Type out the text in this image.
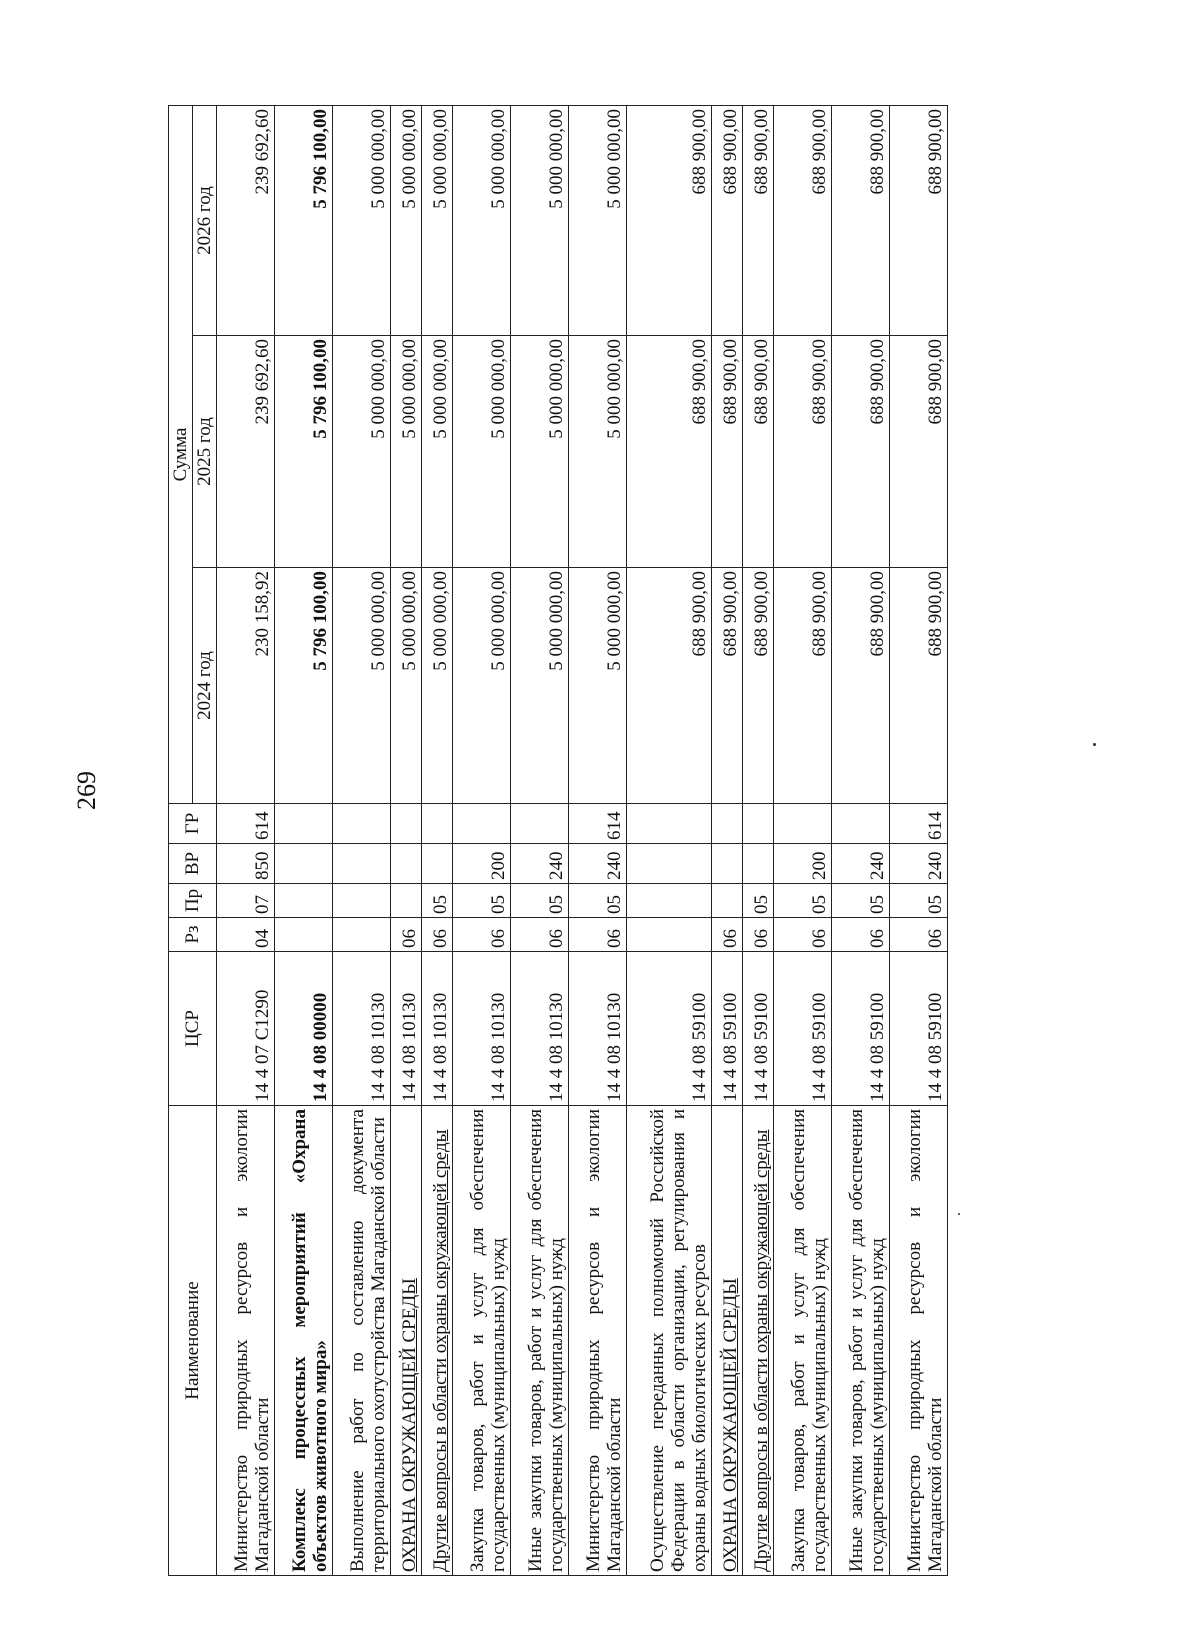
269
Наименование	ЦСР	Рз	Пр	ВР	ГР	Сумма		
						2024 год	2025 год	2026 год
Министерство природных ресурсов и экологии Магаданской области	14 4 07 C1290	04	07	850	614	230 158,92	239 692,60	239 692,60
Комплекс процессных мероприятий «Охрана объектов животного мира»	14 4 08 00000					5 796 100,00	5 796 100,00	5 796 100,00
Выполнение работ по составлению документа территориального охотустройства Магаданской области	14 4 08 10130					5 000 000,00	5 000 000,00	5 000 000,00
ОХРАНА ОКРУЖАЮЩЕЙ СРЕДЫ	14 4 08 10130	06				5 000 000,00	5 000 000,00	5 000 000,00
Другие вопросы в области охраны окружающей среды	14 4 08 10130	06	05			5 000 000,00	5 000 000,00	5 000 000,00
Закупка товаров, работ и услуг для обеспечения государственных (муниципальных) нужд	14 4 08 10130	06	05	200		5 000 000,00	5 000 000,00	5 000 000,00
Иные закупки товаров, работ и услуг для обеспечения государственных (муниципальных) нужд	14 4 08 10130	06	05	240		5 000 000,00	5 000 000,00	5 000 000,00
Министерство природных ресурсов и экологии Магаданской области	14 4 08 10130	06	05	240	614	5 000 000,00	5 000 000,00	5 000 000,00
Осуществление переданных полномочий Российской Федерации в области организации, регулирования и охраны водных биологических ресурсов	14 4 08 59100					688 900,00	688 900,00	688 900,00
ОХРАНА ОКРУЖАЮЩЕЙ СРЕДЫ	14 4 08 59100	06				688 900,00	688 900,00	688 900,00
Другие вопросы в области охраны окружающей среды	14 4 08 59100	06	05			688 900,00	688 900,00	688 900,00
Закупка товаров, работ и услуг для обеспечения государственных (муниципальных) нужд	14 4 08 59100	06	05	200		688 900,00	688 900,00	688 900,00
Иные закупки товаров, работ и услуг для обеспечения государственных (муниципальных) нужд	14 4 08 59100	06	05	240		688 900,00	688 900,00	688 900,00
Министерство природных ресурсов и экологии Магаданской области	14 4 08 59100	06	05	240	614	688 900,00	688 900,00	688 900,00
